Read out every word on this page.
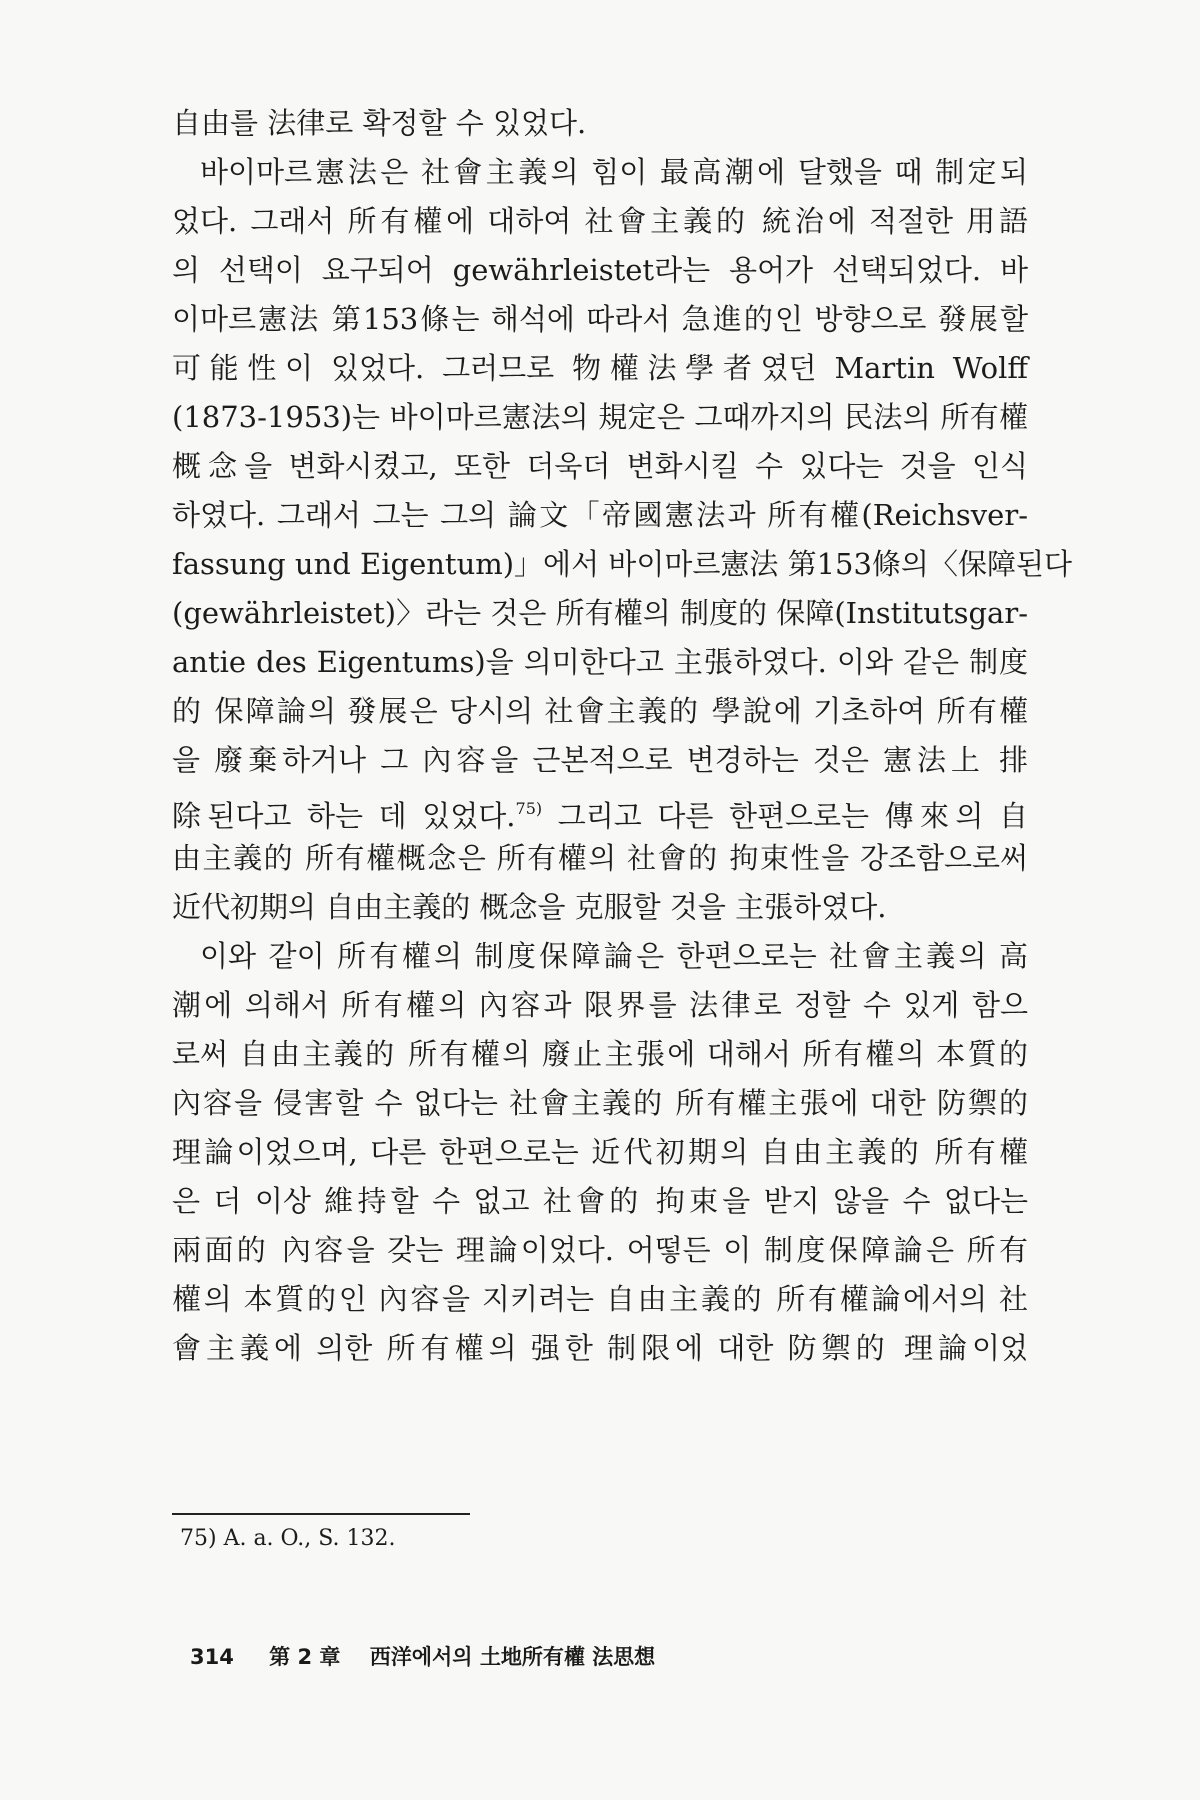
自由를 法律로 확정할 수 있었다.
바이마르憲法은 社會主義의 힘이 最高潮에 달했을 때 制定되
었다. 그래서 所有權에 대하여 社會主義的 統治에 적절한 用語
의 선택이 요구되어 gewährleistet라는 용어가 선택되었다. 바
이마르憲法 第153條는 해석에 따라서 急進的인 방향으로 發展할
可能性이 있었다. 그러므로 物權法學者였던 Martin Wolff
(1873-1953)는 바이마르憲法의 規定은 그때까지의 民法의 所有權
概念을 변화시켰고, 또한 더욱더 변화시킬 수 있다는 것을 인식
하였다. 그래서 그는 그의 論文「帝國憲法과 所有權(Reichsver-
fassung und Eigentum)」에서 바이마르憲法 第153條의〈保障된다
(gewährleistet)〉라는 것은 所有權의 制度的 保障(Institutsgar-
antie des Eigentums)을 의미한다고 主張하였다. 이와 같은 制度
的 保障論의 發展은 당시의 社會主義的 學說에 기초하여 所有權
을 廢棄하거나 그 內容을 근본적으로 변경하는 것은 憲法上 排
除된다고 하는 데 있었다.$^{75)}$ 그리고 다른 한편으로는 傳來의 自
由主義的 所有權概念은 所有權의 社會的 拘束性을 강조함으로써
近代初期의 自由主義的 概念을 克服할 것을 主張하였다.
이와 같이 所有權의 制度保障論은 한편으로는 社會主義의 高
潮에 의해서 所有權의 內容과 限界를 法律로 정할 수 있게 함으
로써 自由主義的 所有權의 廢止主張에 대해서 所有權의 本質的
內容을 侵害할 수 없다는 社會主義的 所有權主張에 대한 防禦的
理論이었으며, 다른 한편으로는 近代初期의 自由主義的 所有權
은 더 이상 維持할 수 없고 社會的 拘束을 받지 않을 수 없다는
兩面的 內容을 갖는 理論이었다. 어떻든 이 制度保障論은 所有
權의 本質的인 內容을 지키려는 自由主義的 所有權論에서의 社
會主義에 의한 所有權의 强한 制限에 대한 防禦的 理論이었
75) A. a. O., S. 132.
314 第 2 章 西洋에서의 土地所有權 法思想
